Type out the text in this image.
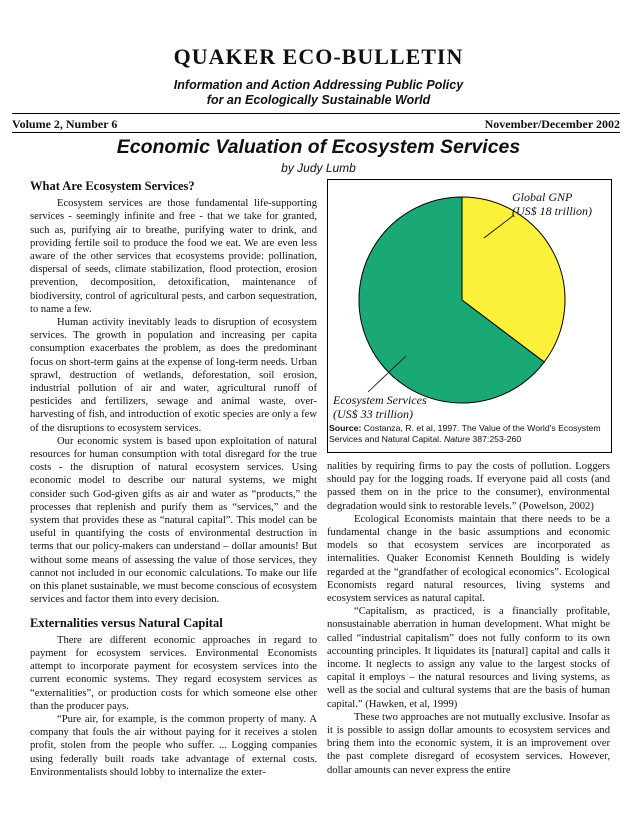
QUAKER ECO-BULLETIN
Information and Action Addressing Public Policy
for an Ecologically Sustainable World
Volume 2, Number 6	November/December 2002
Economic Valuation of Ecosystem Services
by Judy Lumb
What Are Ecosystem Services?

Ecosystem services are those fundamental life-supporting services - seemingly infinite and free - that we take for granted, such as, purifying air to breathe, purifying water to drink, and providing fertile soil to produce the food we eat. We are even less aware of the other services that ecosystems provide: pollination, dispersal of seeds, climate stabilization, flood protection, erosion prevention, decomposition, detoxification, maintenance of biodiversity, control of agricultural pests, and carbon sequestration, to name a few.

Human activity inevitably leads to disruption of ecosystem services. The growth in population and increasing per capita consumption exacerbates the problem, as does the predominant focus on short-term gains at the expense of long-term needs. Urban sprawl, destruction of wetlands, deforestation, soil erosion, industrial pollution of air and water, agricultural runoff of pesticides and fertilizers, sewage and animal waste, over-harvesting of fish, and introduction of exotic species are only a few of the disruptions to ecosystem services.

Our economic system is based upon exploitation of natural resources for human consumption with total disregard for the true costs - the disruption of natural ecosystem services. Using economic model to describe our natural systems, we might consider such God-given gifts as air and water as “products,” the processes that replenish and purify them as “services,” and the system that provides these as “natural capital”. This model can be useful in quantifying the costs of environmental destruction in terms that our policy-makers can understand – dollar amounts! But without some means of assessing the value of those services, they cannot not included in our economic calculations. To make our life on this planet sustainable, we must become conscious of ecosystem services and factor them into every decision.

Externalities versus Natural Capital

There are different economic approaches in regard to payment for ecosystem services. Environmental Economists attempt to incorporate payment for ecosystem services into the current economic systems. They regard ecosystem services as “externalities”, or production costs for which someone else other than the producer pays.

“Pure air, for example, is the common property of many. A company that fouls the air without paying for it receives a stolen profit, stolen from the people who suffer. ... Logging companies using federally built roads take advantage of external costs. Environmentalists should lobby to internalize the exter-

Global GNP
(US$ 18 trillion)
Ecosystem Services
(US$ 33 trillion)
Source: Costanza, R. et al, 1997. The Value of the World's Ecosystem Services and Natural Capital. Nature 387:253-260

nalities by requiring firms to pay the costs of pollution. Loggers should pay for the logging roads. If everyone paid all costs (and passed them on in the price to the consumer), environmental degradation would sink to restorable levels.” (Powelson, 2002)

Ecological Economists maintain that there needs to be a fundamental change in the basic assumptions and economic models so that ecosystem services are incorporated as internalities. Quaker Economist Kenneth Boulding is widely regarded at the “grandfather of ecological economics”. Ecological Economists regard natural resources, living systems and ecosystem services as natural capital.

“Capitalism, as practiced, is a financially profitable, nonsustainable aberration in human development. What might be called “industrial capitalism” does not fully conform to its own accounting principles. It liquidates its [natural] capital and calls it income. It neglects to assign any value to the largest stocks of capital it employs – the natural resources and living systems, as well as the social and cultural systems that are the basis of human capital.” (Hawken, et al, 1999)

These two approaches are not mutually exclusive. Insofar as it is possible to assign dollar amounts to ecosystem services and bring them into the economic system, it is an improvement over the past complete disregard of ecosystem services. However, dollar amounts can never express the entire
